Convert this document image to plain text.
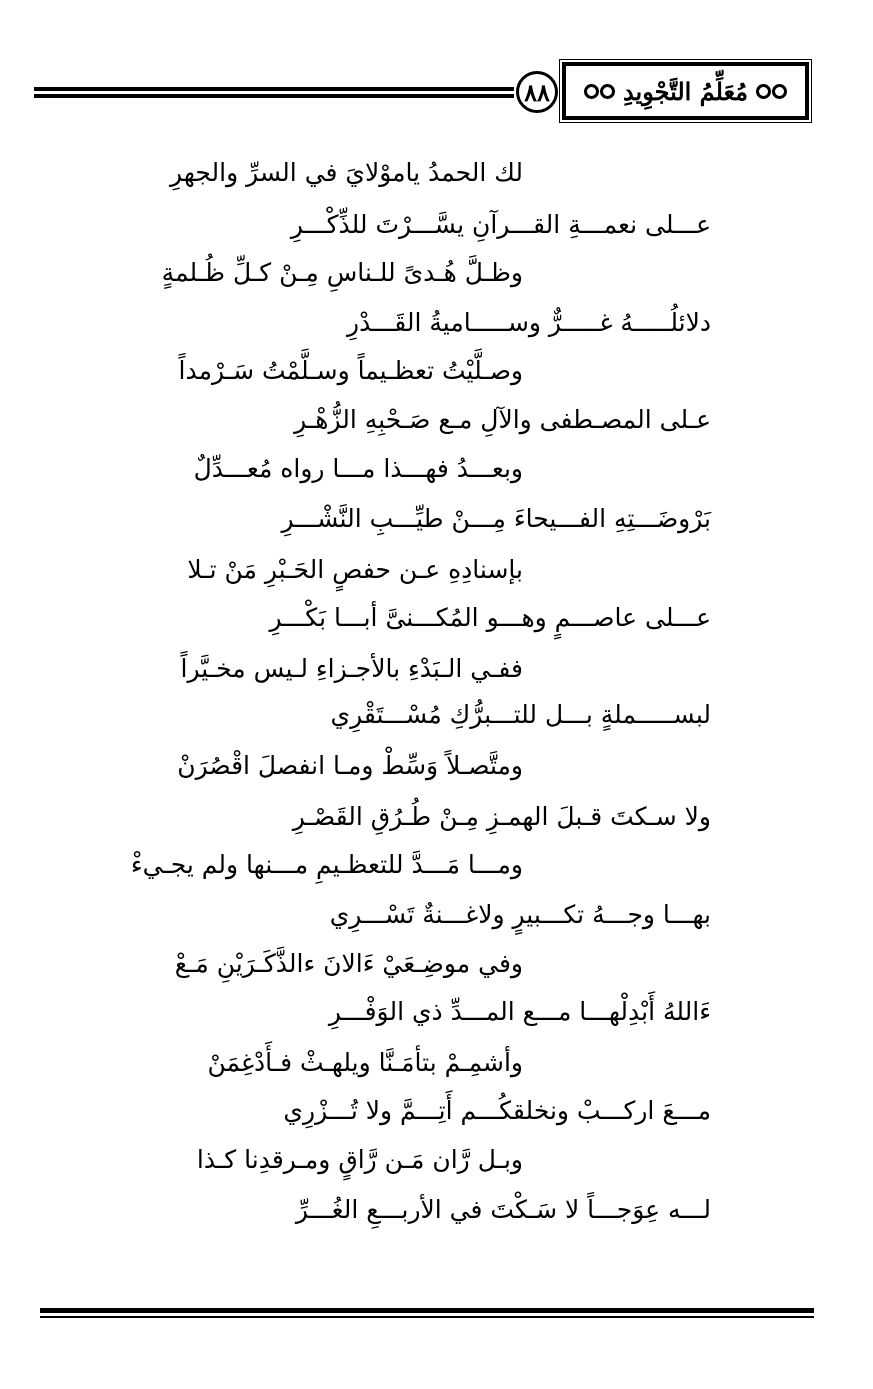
٨٨	مُعَلِّمُ التَّجْوِيدِ
لك الحمدُ ياموْلايَ في السرِّ والجهرِ
عـــلى نعمـــةِ القـــرآنِ يسَّـــرْتَ للذِّكْـــرِ
وظـلَّ هُـدىً للـناسِ مِـنْ كـلِّ ظُـلمةٍ
دلائلُـــــهُ غـــــرٌّ وســـــاميةُ القَـــدْرِ
وصـلَّيْتُ تعظـيماً وسـلَّمْتُ سَـرْمداً
عـلى المصـطفى والآلِ مـع صَـحْبِهِ الزُّهْـرِ
وبعـــدُ فهـــذا مـــا رواه مُعـــدِّلٌ
بَرْوضَـــتِهِ الفـــيحاءَ مِـــنْ طيِّـــبِ النَّشْـــرِ
بإسنادِهِ عـن حفصٍ الحَـبْرِ مَنْ تـلا
عـــلى عاصـــمٍ وهـــو المُكـــنىَّ أبـــا بَكْـــرِ
ففـي الـبَدْءِ بالأجـزاءِ لـيس مخـيَّراً
لبســـــملةٍ بـــل للتـــبرُّكِ مُسْـــتَقْرِي
ومتَّصـلاً وَسِّطْ ومـا انفصلَ اقْصُرَنْ
ولا سـكتَ قـبلَ الهمـزِ مِـنْ طُـرُقِ القَصْـرِ
ومـــا مَـــدَّ للتعظـيمِ مـــنها ولم يجـيءْ
بهـــا وجـــهُ تكـــبيرٍ ولاغـــنةٌ تَسْـــرِي
وفي موضِـعَيْ ءَالانَ ءالذَّكَـرَيْنِ مَـعْ
ءَاللهُ أَبْدِلْهـــا مـــع المـــدِّ ذي الوَفْـــرِ
وأشمِـمْ بتأمَـنَّا ويلهـثْ فـأَدْغِمَنْ
مـــعَ اركـــبْ ونخلقكُـــم أَتِـــمَّ ولا تُـــزْرِي
وبـل رَّان مَـن رَّاقٍ ومـرقدِنا كـذا
لـــه عِوَجـــاً لا سَـكْتَ في الأربـــعِ الغُـــرِّ
